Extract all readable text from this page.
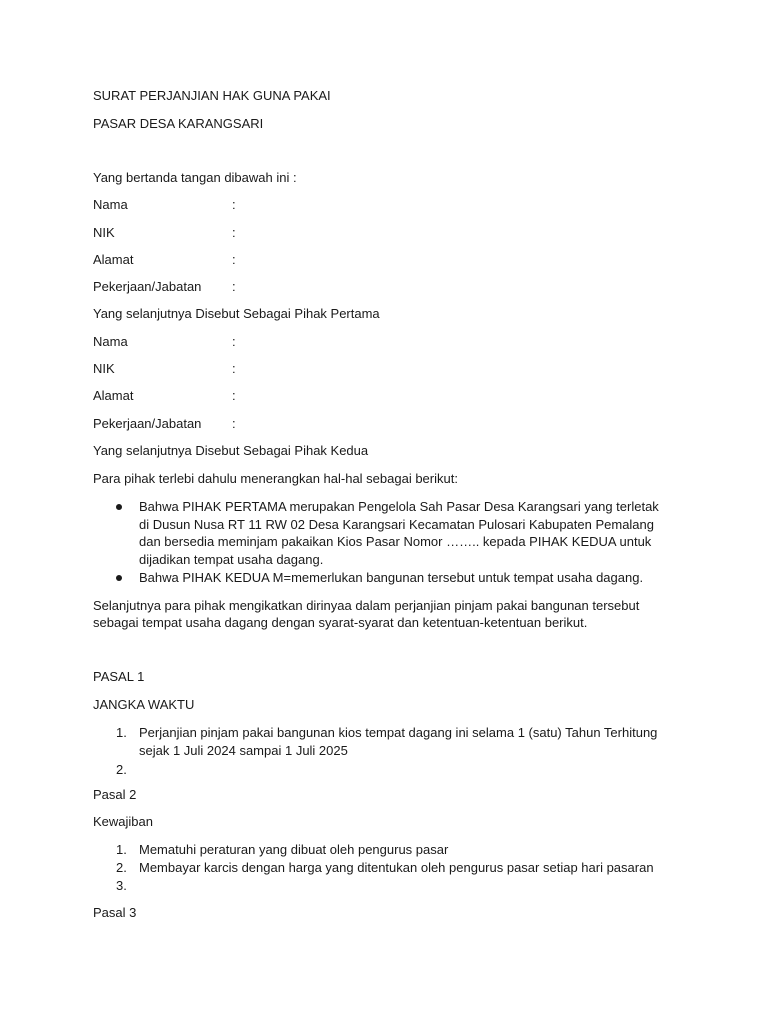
SURAT PERJANJIAN HAK GUNA PAKAI
PASAR DESA KARANGSARI
Yang bertanda tangan dibawah ini :
Nama	:
NIK	:
Alamat	:
Pekerjaan/Jabatan :
Yang selanjutnya Disebut Sebagai Pihak Pertama
Nama	:
NIK	:
Alamat	:
Pekerjaan/Jabatan :
Yang selanjutnya Disebut Sebagai Pihak Kedua
Para pihak terlebi dahulu menerangkan hal-hal sebagai berikut:
Bahwa PIHAK PERTAMA merupakan Pengelola Sah Pasar Desa Karangsari yang terletak di Dusun Nusa RT 11 RW 02 Desa Karangsari Kecamatan Pulosari Kabupaten Pemalang dan bersedia meminjam pakaikan Kios Pasar Nomor …….. kepada PIHAK KEDUA untuk dijadikan tempat usaha dagang.
Bahwa PIHAK KEDUA M=memerlukan bangunan tersebut untuk tempat usaha dagang.
Selanjutnya para pihak mengikatkan dirinyaa dalam perjanjian pinjam pakai bangunan tersebut sebagai tempat usaha dagang dengan syarat-syarat dan ketentuan-ketentuan berikut.
PASAL 1
JANGKA WAKTU
1. Perjanjian pinjam pakai bangunan kios tempat dagang ini selama 1 (satu) Tahun Terhitung sejak 1 Juli 2024 sampai 1 Juli 2025
2.
Pasal 2
Kewajiban
1. Mematuhi peraturan yang dibuat oleh pengurus pasar
2. Membayar karcis dengan harga yang ditentukan oleh pengurus pasar setiap hari pasaran
3.
Pasal 3
